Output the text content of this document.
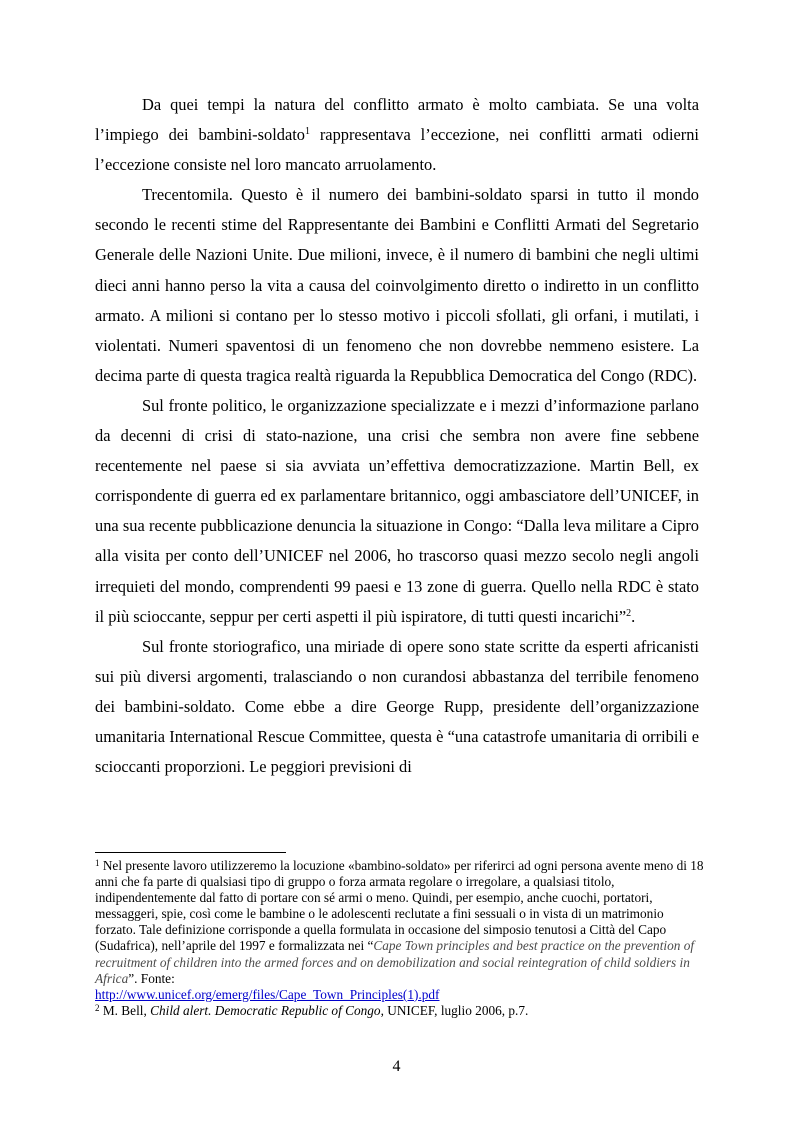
Da quei tempi la natura del conflitto armato è molto cambiata. Se una volta l’impiego dei bambini-soldato$^1$ rappresentava l’eccezione, nei conflitti armati odierni l’eccezione consiste nel loro mancato arruolamento.

Trecentomila. Questo è il numero dei bambini-soldato sparsi in tutto il mondo secondo le recenti stime del Rappresentante dei Bambini e Conflitti Armati del Segretario Generale delle Nazioni Unite. Due milioni, invece, è il numero di bambini che negli ultimi dieci anni hanno perso la vita a causa del coinvolgimento diretto o indiretto in un conflitto armato. A milioni si contano per lo stesso motivo i piccoli sfollati, gli orfani, i mutilati, i violentati. Numeri spaventosi di un fenomeno che non dovrebbe nemmeno esistere. La decima parte di questa tragica realtà riguarda la Repubblica Democratica del Congo (RDC).

Sul fronte politico, le organizzazione specializzate e i mezzi d’informazione parlano da decenni di crisi di stato-nazione, una crisi che sembra non avere fine sebbene recentemente nel paese si sia avviata un’effettiva democratizzazione. Martin Bell, ex corrispondente di guerra ed ex parlamentare britannico, oggi ambasciatore dell’UNICEF, in una sua recente pubblicazione denuncia la situazione in Congo: “Dalla leva militare a Cipro alla visita per conto dell’UNICEF nel 2006, ho trascorso quasi mezzo secolo negli angoli irrequieti del mondo, comprendenti 99 paesi e 13 zone di guerra. Quello nella RDC è stato il più scioccante, seppur per certi aspetti il più ispiratore, di tutti questi incarichi”$^2$.

Sul fronte storiografico, una miriade di opere sono state scritte da esperti africanisti sui più diversi argomenti, tralasciando o non curandosi abbastanza del terribile fenomeno dei bambini-soldato. Come ebbe a dire George Rupp, presidente dell’organizzazione umanitaria International Rescue Committee, questa è “una catastrofe umanitaria di orribili e scioccanti proporzioni. Le peggiori previsioni di

$^1$ Nel presente lavoro utilizzeremo la locuzione «bambino-soldato» per riferirci ad ogni persona avente meno di 18 anni che fa parte di qualsiasi tipo di gruppo o forza armata regolare o irregolare, a qualsiasi titolo, indipendentemente dal fatto di portare con sé armi o meno. Quindi, per esempio, anche cuochi, portatori, messaggeri, spie, così come le bambine o le adolescenti reclutate a fini sessuali o in vista di un matrimonio forzato. Tale definizione corrisponde a quella formulata in occasione del simposio tenutosi a Città del Capo (Sudafrica), nell’aprile del 1997 e formalizzata nei “Cape Town principles and best practice on the prevention of recruitment of children into the armed forces and on demobilization and social reintegration of child soldiers in Africa”. Fonte:
http://www.unicef.org/emerg/files/Cape_Town_Principles(1).pdf

$^2$ M. Bell, Child alert. Democratic Republic of Congo, UNICEF, luglio 2006, p.7.

4
